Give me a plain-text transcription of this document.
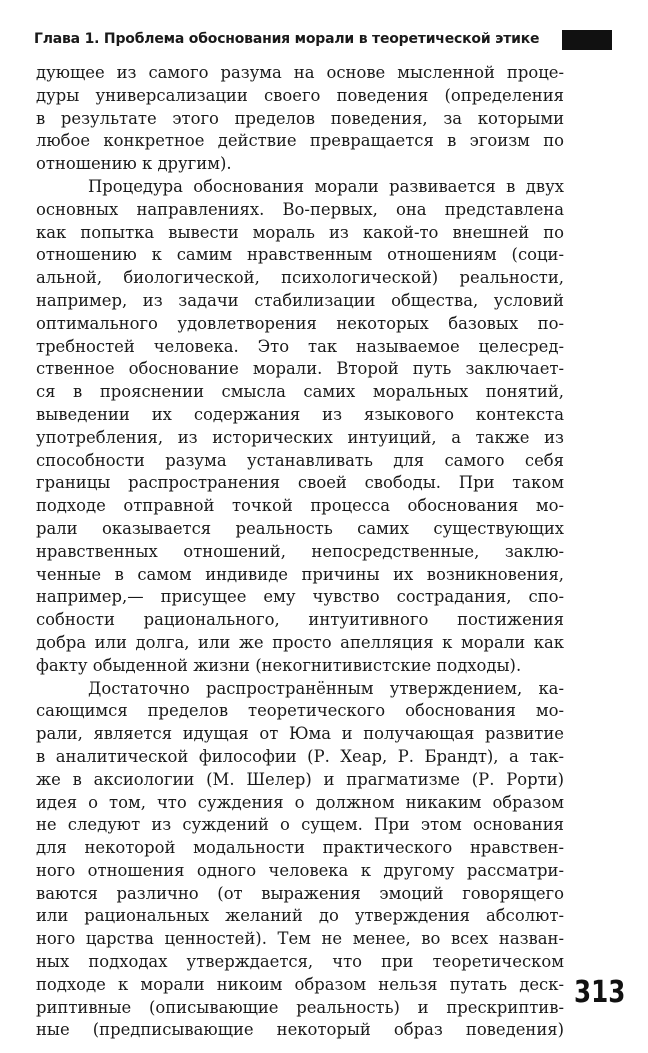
Глава 1. Проблема обоснования морали в теоретической этике
дующее из самого разума на основе мысленной проце-
дуры универсализации своего поведения (определения
в результате этого пределов поведения, за которыми
любое конкретное действие превращается в эгоизм по
отношению к другим).
Процедура обоснования морали развивается в двух
основных направлениях. Во-первых, она представлена
как попытка вывести мораль из какой-то внешней по
отношению к самим нравственным отношениям (соци-
альной, биологической, психологической) реальности,
например, из задачи стабилизации общества, условий
оптимального удовлетворения некоторых базовых по-
требностей человека. Это так называемое целесред-
ственное обоснование морали. Второй путь заключает-
ся в прояснении смысла самих моральных понятий,
выведении их содержания из языкового контекста
употребления, из исторических интуиций, а также из
способности разума устанавливать для самого себя
границы распространения своей свободы. При таком
подходе отправной точкой процесса обоснования мо-
рали оказывается реальность самих существующих
нравственных отношений, непосредственные, заклю-
ченные в самом индивиде причины их возникновения,
например,— присущее ему чувство сострадания, спо-
собности рационального, интуитивного постижения
добра или долга, или же просто апелляция к морали как
факту обыденной жизни (некогнитивистские подходы).
Достаточно распространённым утверждением, ка-
сающимся пределов теоретического обоснования мо-
рали, является идущая от Юма и получающая развитие
в аналитической философии (Р. Хеар, Р. Брандт), а так-
же в аксиологии (М. Шелер) и прагматизме (Р. Рорти)
идея о том, что суждения о должном никаким образом
не следуют из суждений о сущем. При этом основания
для некоторой модальности практического нравствен-
ного отношения одного человека к другому рассматри-
ваются различно (от выражения эмоций говорящего
или рациональных желаний до утверждения абсолют-
ного царства ценностей). Тем не менее, во всех назван-
ных подходах утверждается, что при теоретическом
подходе к морали никоим образом нельзя путать деск-
риптивные (описывающие реальность) и прескриптив-
ные (предписывающие некоторый образ поведения)
313
